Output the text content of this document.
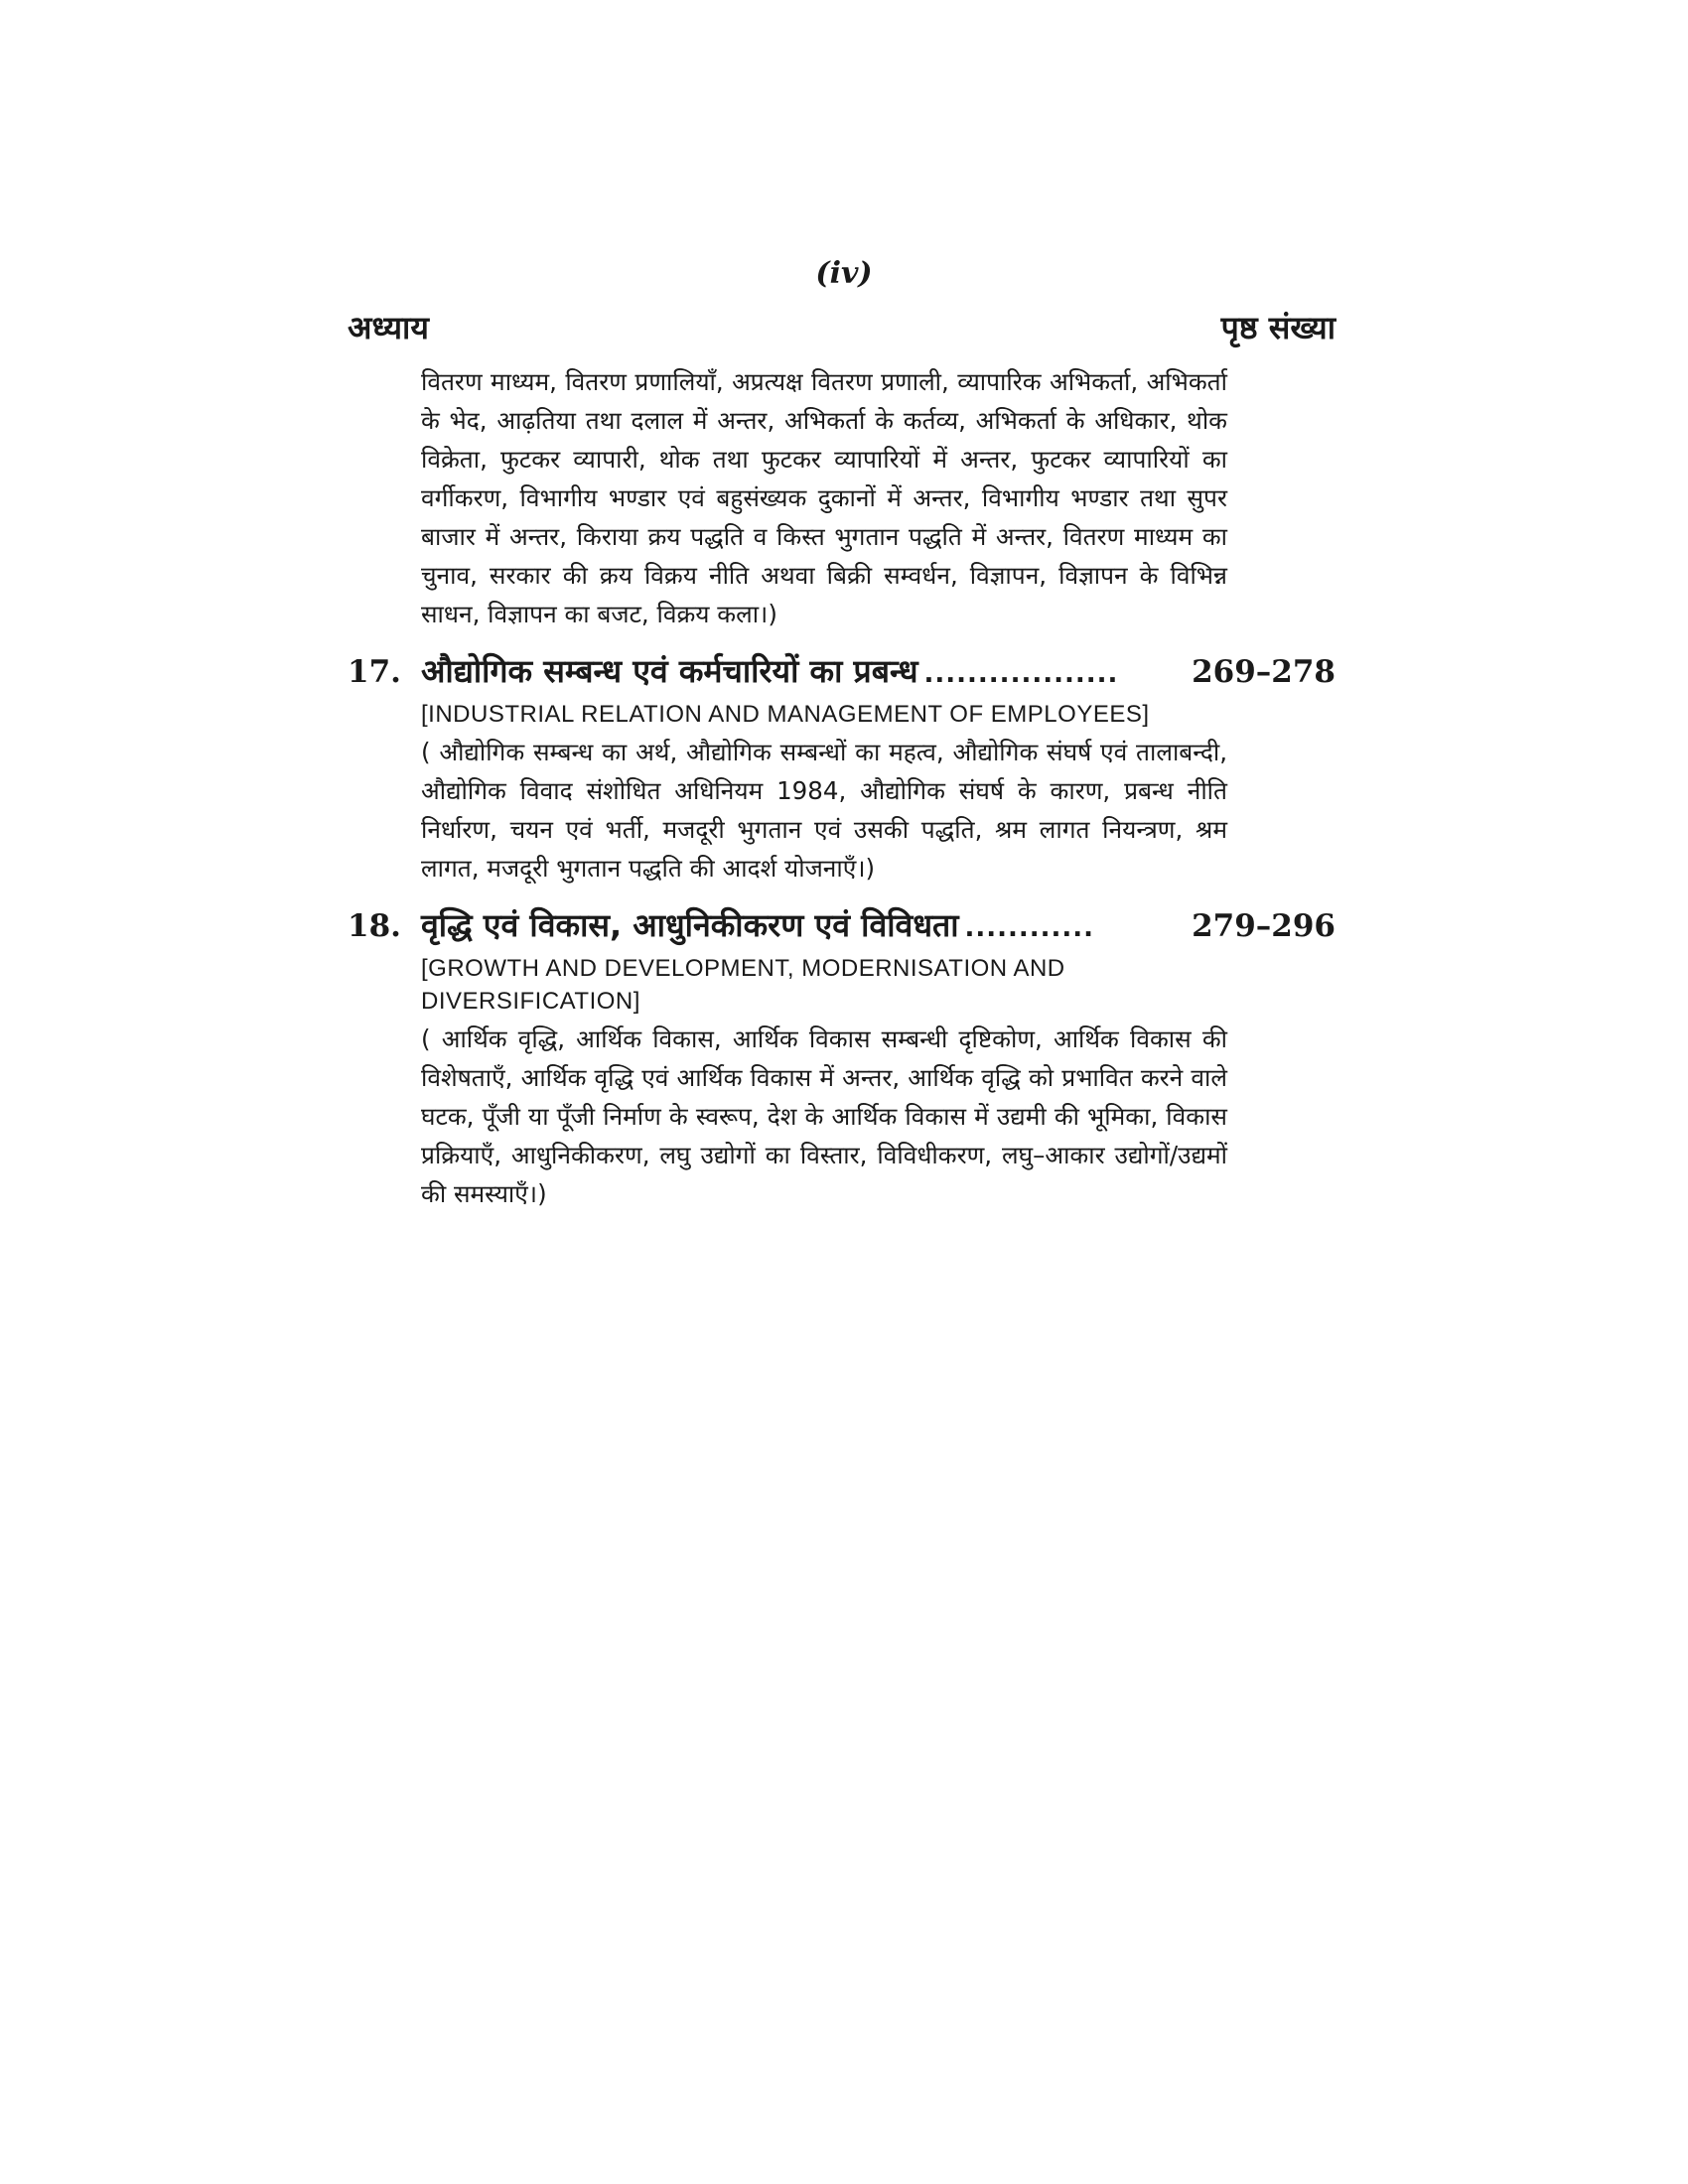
(iv)
अध्याय	पृष्ठ संख्या
वितरण माध्यम, वितरण प्रणालियाँ, अप्रत्यक्ष वितरण प्रणाली, व्यापारिक अभिकर्ता, अभिकर्ता के भेद, आढ़तिया तथा दलाल में अन्तर, अभिकर्ता के कर्तव्य, अभिकर्ता के अधिकार, थोक विक्रेता, फुटकर व्यापारी, थोक तथा फुटकर व्यापारियों में अन्तर, फुटकर व्यापारियों का वर्गीकरण, विभागीय भण्डार एवं बहुसंख्यक दुकानों में अन्तर, विभागीय भण्डार तथा सुपर बाजार में अन्तर, किराया क्रय पद्धति व किस्त भुगतान पद्धति में अन्तर, वितरण माध्यम का चुनाव, सरकार की क्रय विक्रय नीति अथवा बिक्री सम्वर्धन, विज्ञापन, विज्ञापन के विभिन्न साधन, विज्ञापन का बजट, विक्रय कला।)
17. औद्योगिक सम्बन्ध एवं कर्मचारियों का प्रबन्ध ..................	269–278
[INDUSTRIAL RELATION AND MANAGEMENT OF EMPLOYEES]
( औद्योगिक सम्बन्ध का अर्थ, औद्योगिक सम्बन्धों का महत्व, औद्योगिक संघर्ष एवं तालाबन्दी, औद्योगिक विवाद संशोधित अधिनियम 1984, औद्योगिक संघर्ष के कारण, प्रबन्ध नीति निर्धारण, चयन एवं भर्ती, मजदूरी भुगतान एवं उसकी पद्धति, श्रम लागत नियन्त्रण, श्रम लागत, मजदूरी भुगतान पद्धति की आदर्श योजनाएँ।)
18. वृद्धि एवं विकास, आधुनिकीकरण एवं विविधता ............	279–296
[GROWTH AND DEVELOPMENT, MODERNISATION AND DIVERSIFICATION]
( आर्थिक वृद्धि, आर्थिक विकास, आर्थिक विकास सम्बन्धी दृष्टिकोण, आर्थिक विकास की विशेषताएँ, आर्थिक वृद्धि एवं आर्थिक विकास में अन्तर, आर्थिक वृद्धि को प्रभावित करने वाले घटक, पूँजी या पूँजी निर्माण के स्वरूप, देश के आर्थिक विकास में उद्यमी की भूमिका, विकास प्रक्रियाएँ, आधुनिकीकरण, लघु उद्योगों का विस्तार, विविधीकरण, लघु–आकार उद्योगों/उद्यमों की समस्याएँ।)
